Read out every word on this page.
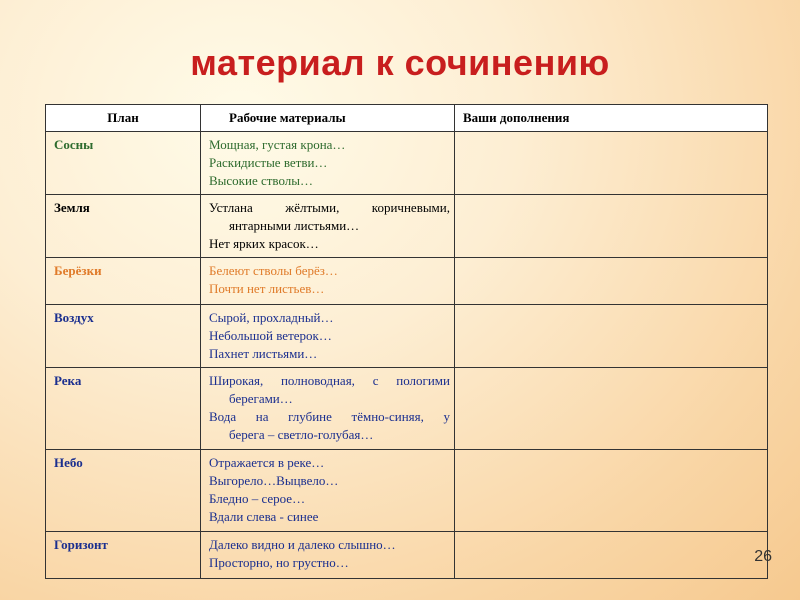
материал к сочинению
План	Рабочие материалы	Ваши дополнения
Сосны	Мощная, густая крона…
Раскидистые ветви…
Высокие стволы…	

Земля	Устлана жёлтыми, коричневыми,
янтарными листьями…
Нет ярких красок…	

Берёзки	Белеют стволы берёз…
Почти нет листьев…	

Воздух	Сырой, прохладный…
Небольшой ветерок…
Пахнет листьями…	

Река	Широкая, полноводная, с пологими
берегами…
Вода на глубине тёмно-синяя, у
берега – светло-голубая…	

Небо	Отражается в реке…
Выгорело…Выцвело…
Бледно – серое…
Вдали слева - синее	

Горизонт	Далеко видно и далеко слышно…
Просторно, но грустно…	
		26
